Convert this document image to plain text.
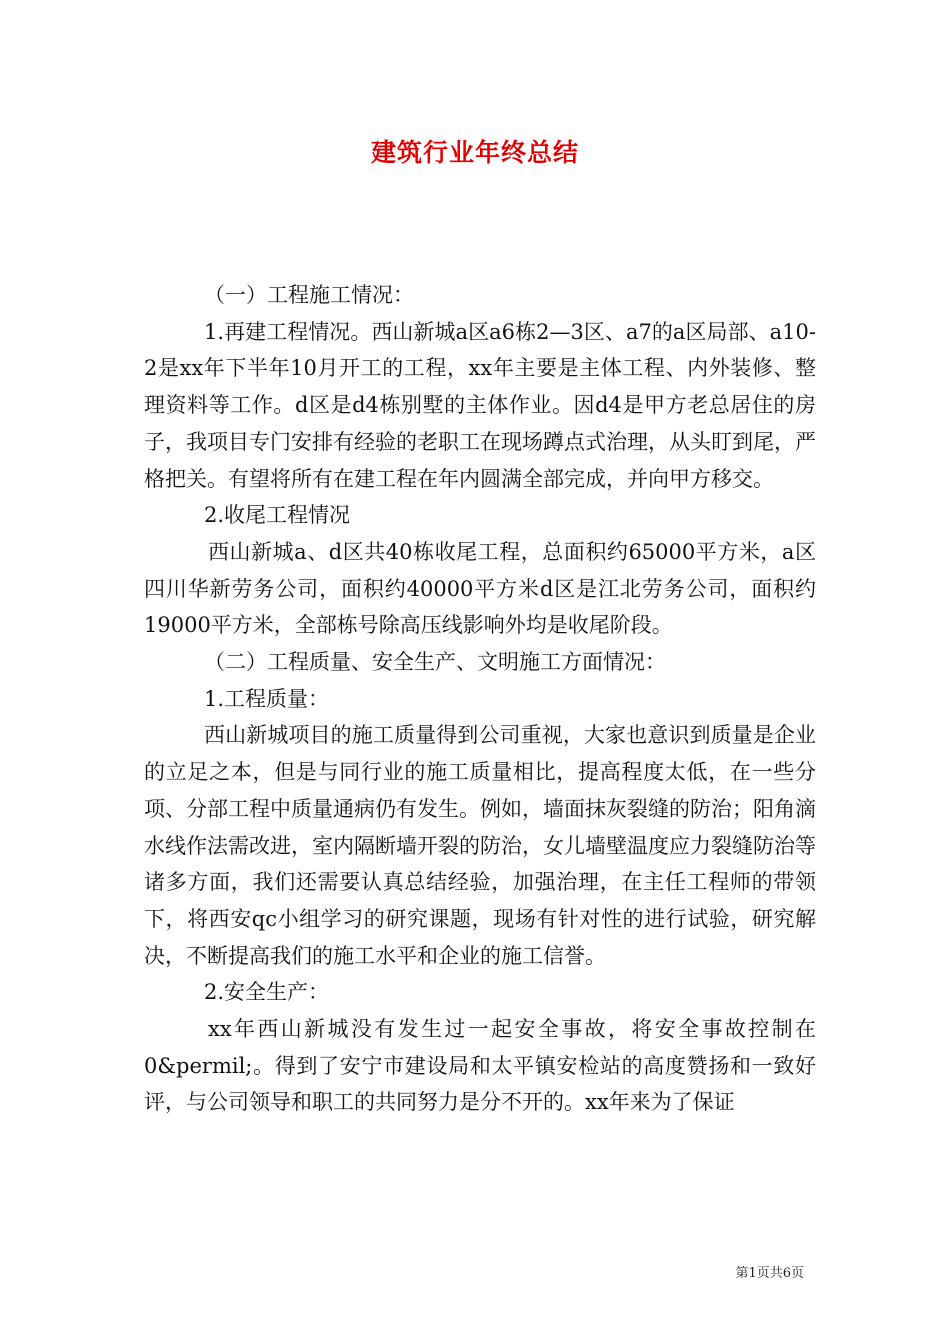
建筑行业年终总结

（一）工程施工情况：

1.再建工程情况。西山新城a区a6栋2—3区、a7的a区局部、a10-2是xx年下半年10月开工的工程，xx年主要是主体工程、内外装修、整理资料等工作。d区是d4栋别墅的主体作业。因d4是甲方老总居住的房子，我项目专门安排有经验的老职工在现场蹲点式治理，从头盯到尾，严格把关。有望将所有在建工程在年内圆满全部完成，并向甲方移交。

2.收尾工程情况

西山新城a、d区共40栋收尾工程，总面积约65000平方米，a区四川华新劳务公司，面积约40000平方米d区是江北劳务公司，面积约19000平方米，全部栋号除高压线影响外均是收尾阶段。

（二）工程质量、安全生产、文明施工方面情况：

1.工程质量：

西山新城项目的施工质量得到公司重视，大家也意识到质量是企业的立足之本，但是与同行业的施工质量相比，提高程度太低，在一些分项、分部工程中质量通病仍有发生。例如，墙面抹灰裂缝的防治；阳角滴水线作法需改进，室内隔断墙开裂的防治，女儿墙壁温度应力裂缝防治等诸多方面，我们还需要认真总结经验，加强治理，在主任工程师的带领下，将西安qc小组学习的研究课题，现场有针对性的进行试验，研究解决，不断提高我们的施工水平和企业的施工信誉。

2.安全生产：

xx年西山新城没有发生过一起安全事故，将安全事故控制在0&permil;。得到了安宁市建设局和太平镇安检站的高度赞扬和一致好评，与公司领导和职工的共同努力是分不开的。xx年来为了保证

第1页共6页
